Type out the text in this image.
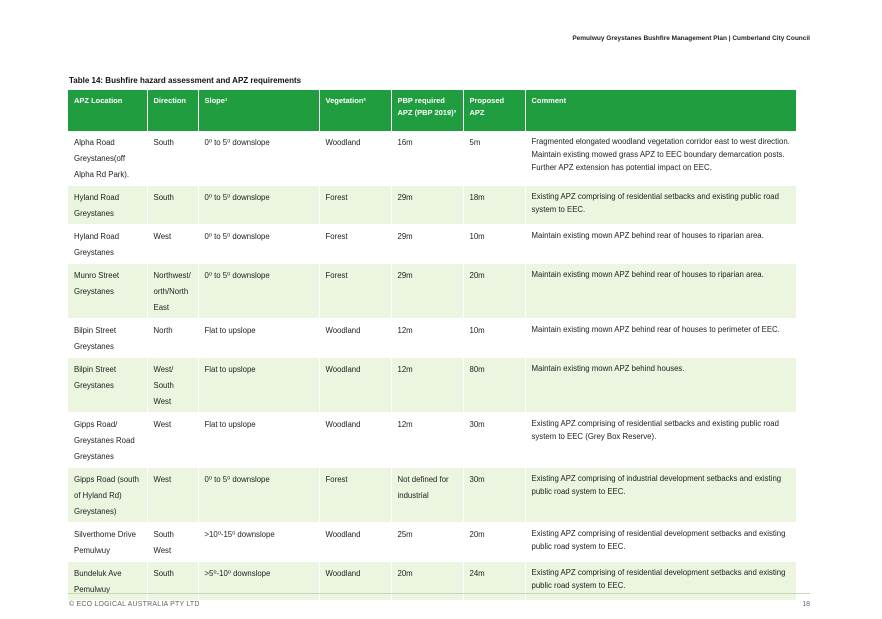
Pemulwuy Greystanes Bushfire Management Plan | Cumberland City Council
Table 14: Bushfire hazard assessment and APZ requirements
APZ Location	Direction	Slope¹	Vegetation²	PBP required APZ (PBP 2019)³	Proposed APZ	Comment
Alpha Road Greystanes(off Alpha Rd Park).	South	0⁰ to 5⁰ downslope	Woodland	16m	5m	Fragmented elongated woodland vegetation corridor east to west direction. Maintain existing mowed grass APZ to EEC boundary demarcation posts. Further APZ extension has potential impact on EEC.
Hyland Road Greystanes	South	0⁰ to 5⁰ downslope	Forest	29m	18m	Existing APZ comprising of residential setbacks and existing public road system to EEC.
Hyland Road Greystanes	West	0⁰ to 5⁰ downslope	Forest	29m	10m	Maintain existing mown APZ behind rear of houses to riparian area.
Munro Street Greystanes	Northwest/ orth/North East	0⁰ to 5⁰ downslope	Forest	29m	20m	Maintain existing mown APZ behind rear of houses to riparian area.
Bilpin Street Greystanes	North	Flat to upslope	Woodland	12m	10m	Maintain existing mown APZ behind rear of houses to perimeter of EEC.
Bilpin Street Greystanes	West/ South West	Flat to upslope	Woodland	12m	80m	Maintain existing mown APZ behind houses.
Gipps Road/ Greystanes Road Greystanes	West	Flat to upslope	Woodland	12m	30m	Existing APZ comprising of residential setbacks and existing public road system to EEC (Grey Box Reserve).
Gipps Road (south of Hyland Rd) Greystanes)	West	0⁰ to 5⁰ downslope	Forest	Not defined for industrial	30m	Existing APZ comprising of industrial development setbacks and existing public road system to EEC.
Silverthorne Drive Pemulwuy	South West	>10⁰-15⁰ downslope	Woodland	25m	20m	Existing APZ comprising of residential development setbacks and existing public road system to EEC.
Bundeluk Ave Pemulwuy	South	>5⁰-10⁰ downslope	Woodland	20m	24m	Existing APZ comprising of residential development setbacks and existing public road system to EEC.
© ECO LOGICAL AUSTRALIA PTY LTD	18
